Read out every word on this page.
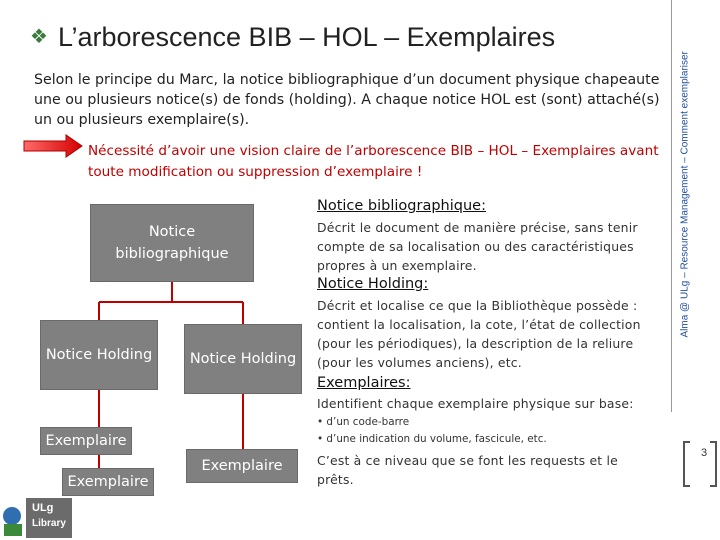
❖ L’arborescence BIB – HOL – Exemplaires
Selon le principe du Marc, la notice bibliographique d’un document physique chapeaute une ou plusieurs notice(s) de fonds (holding). A chaque notice HOL est (sont) attaché(s) un ou plusieurs exemplaire(s).
Nécessité d’avoir une vision claire de l’arborescence BIB – HOL – Exemplaires avant toute modification ou suppression d’exemplaire !	Alma @ ULg – Resource Management – Comment exemplariser
Notice bibliographique
Notice Holding	Notice Holding
Exemplaire
Exemplaire
Exemplaire
Notice bibliographique:
Décrit le document de manière précise, sans tenir compte de sa localisation ou des caractéristiques propres à un exemplaire.
Notice Holding:
Décrit et localise ce que la Bibliothèque possède : contient la localisation, la cote, l’état de collection (pour les périodiques), la description de la reliure (pour les volumes anciens), etc.
Exemplaires:
Identifient chaque exemplaire physique sur base:
• d’un code-barre
• d’une indication du volume, fascicule, etc.
C’est à ce niveau que se font les requests et le prêts.
3
ULg
Library
